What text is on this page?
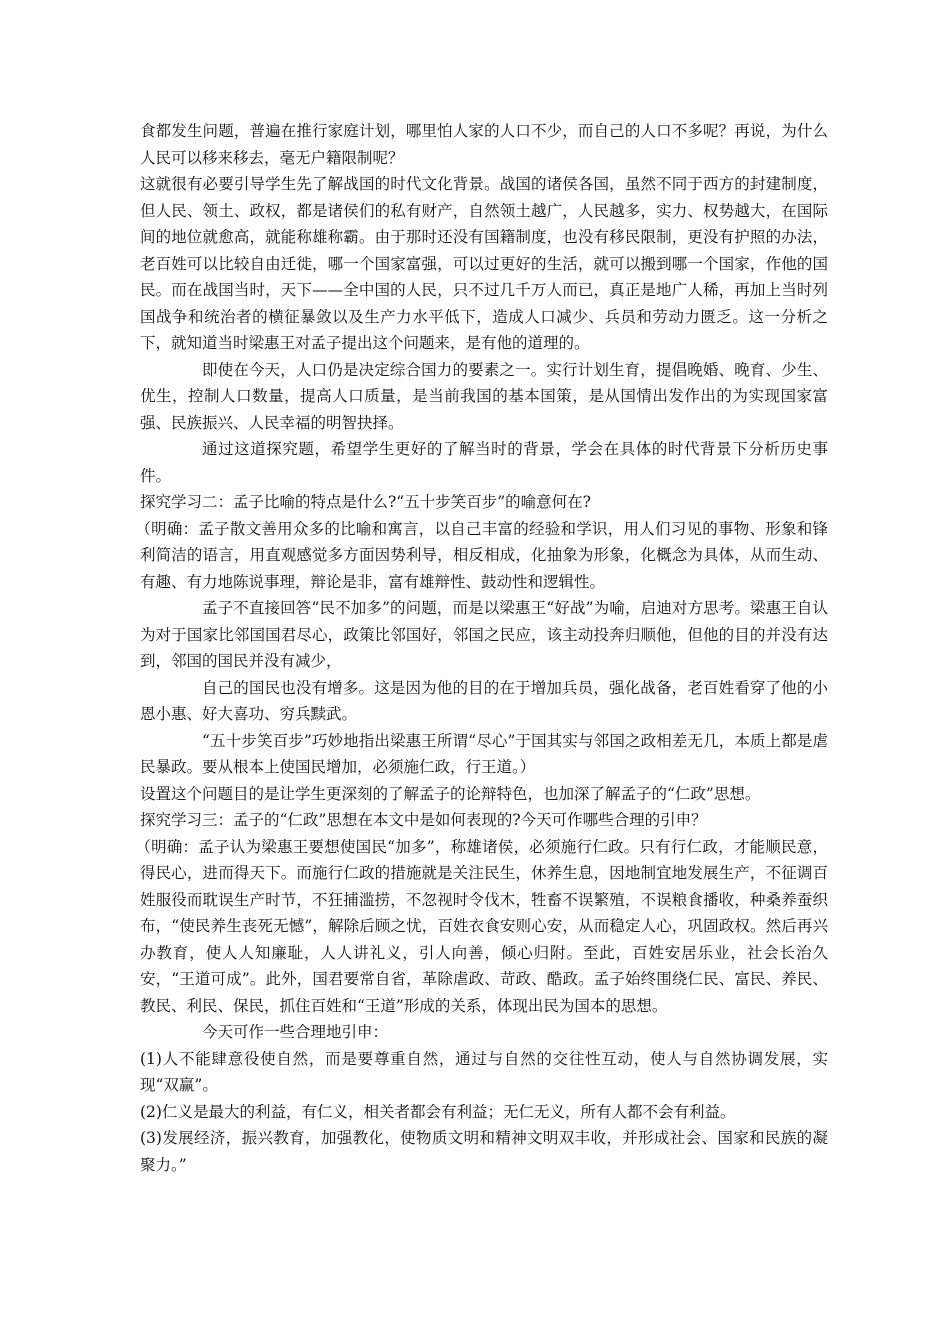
食都发生问题，普遍在推行家庭计划，哪里怕人家的人口不少，而自己的人口不多呢？再说，为什么人民可以移来移去，毫无户籍限制呢？

这就很有必要引导学生先了解战国的时代文化背景。战国的诸侯各国，虽然不同于西方的封建制度，但人民、领土、政权，都是诸侯们的私有财产，自然领土越广，人民越多，实力、权势越大，在国际间的地位就愈高，就能称雄称霸。由于那时还没有国籍制度，也没有移民限制，更没有护照的办法，老百姓可以比较自由迁徙，哪一个国家富强，可以过更好的生活，就可以搬到哪一个国家，作他的国民。而在战国当时，天下——全中国的人民，只不过几千万人而已，真正是地广人稀，再加上当时列国战争和统治者的横征暴敛以及生产力水平低下，造成人口减少、兵员和劳动力匮乏。这一分析之下，就知道当时梁惠王对孟子提出这个问题来，是有他的道理的。

即使在今天，人口仍是决定综合国力的要素之一。实行计划生育，提倡晚婚、晚育、少生、优生，控制人口数量，提高人口质量，是当前我国的基本国策，是从国情出发作出的为实现国家富强、民族振兴、人民幸福的明智抉择。

通过这道探究题，希望学生更好的了解当时的背景，学会在具体的时代背景下分析历史事件。

探究学习二：孟子比喻的特点是什么?“五十步笑百步”的喻意何在?

（明确：孟子散文善用众多的比喻和寓言，以自己丰富的经验和学识，用人们习见的事物、形象和锋利简洁的语言，用直观感觉多方面因势利导，相反相成，化抽象为形象，化概念为具体，从而生动、有趣、有力地陈说事理，辩论是非，富有雄辩性、鼓动性和逻辑性。

孟子不直接回答“民不加多”的问题，而是以梁惠王“好战”为喻，启迪对方思考。梁惠王自认为对于国家比邻国国君尽心，政策比邻国好，邻国之民应，该主动投奔归顺他，但他的目的并没有达到，邻国的国民并没有减少，

自己的国民也没有增多。这是因为他的目的在于增加兵员，强化战备，老百姓看穿了他的小恩小惠、好大喜功、穷兵黩武。

“五十步笑百步”巧妙地指出梁惠王所谓“尽心”于国其实与邻国之政相差无几，本质上都是虐民暴政。要从根本上使国民增加，必须施仁政，行王道。）

设置这个问题目的是让学生更深刻的了解孟子的论辩特色，也加深了解孟子的“仁政”思想。

探究学习三：孟子的“仁政”思想在本文中是如何表现的?今天可作哪些合理的引申？

（明确：孟子认为梁惠王要想使国民“加多”，称雄诸侯，必须施行仁政。只有行仁政，才能顺民意，得民心，进而得天下。而施行仁政的措施就是关注民生，休养生息，因地制宜地发展生产，不征调百姓服役而耽误生产时节，不狂捕滥捞，不忽视时令伐木，牲畜不误繁殖，不误粮食播收，种桑养蚕织布，“使民养生丧死无憾”，解除后顾之忧，百姓衣食安则心安，从而稳定人心，巩固政权。然后再兴办教育，使人人知廉耻，人人讲礼义，引人向善，倾心归附。至此，百姓安居乐业，社会长治久安，“王道可成”。此外，国君要常自省，革除虐政、苛政、酷政。孟子始终围绕仁民、富民、养民、教民、利民、保民，抓住百姓和“王道”形成的关系，体现出民为国本的思想。

今天可作一些合理地引申：

(1)人不能肆意役使自然，而是要尊重自然，通过与自然的交往性互动，使人与自然协调发展，实现“双赢”。

(2)仁义是最大的利益，有仁义，相关者都会有利益；无仁无义，所有人都不会有利益。

(3)发展经济，振兴教育，加强教化，使物质文明和精神文明双丰收，并形成社会、国家和民族的凝聚力。”
